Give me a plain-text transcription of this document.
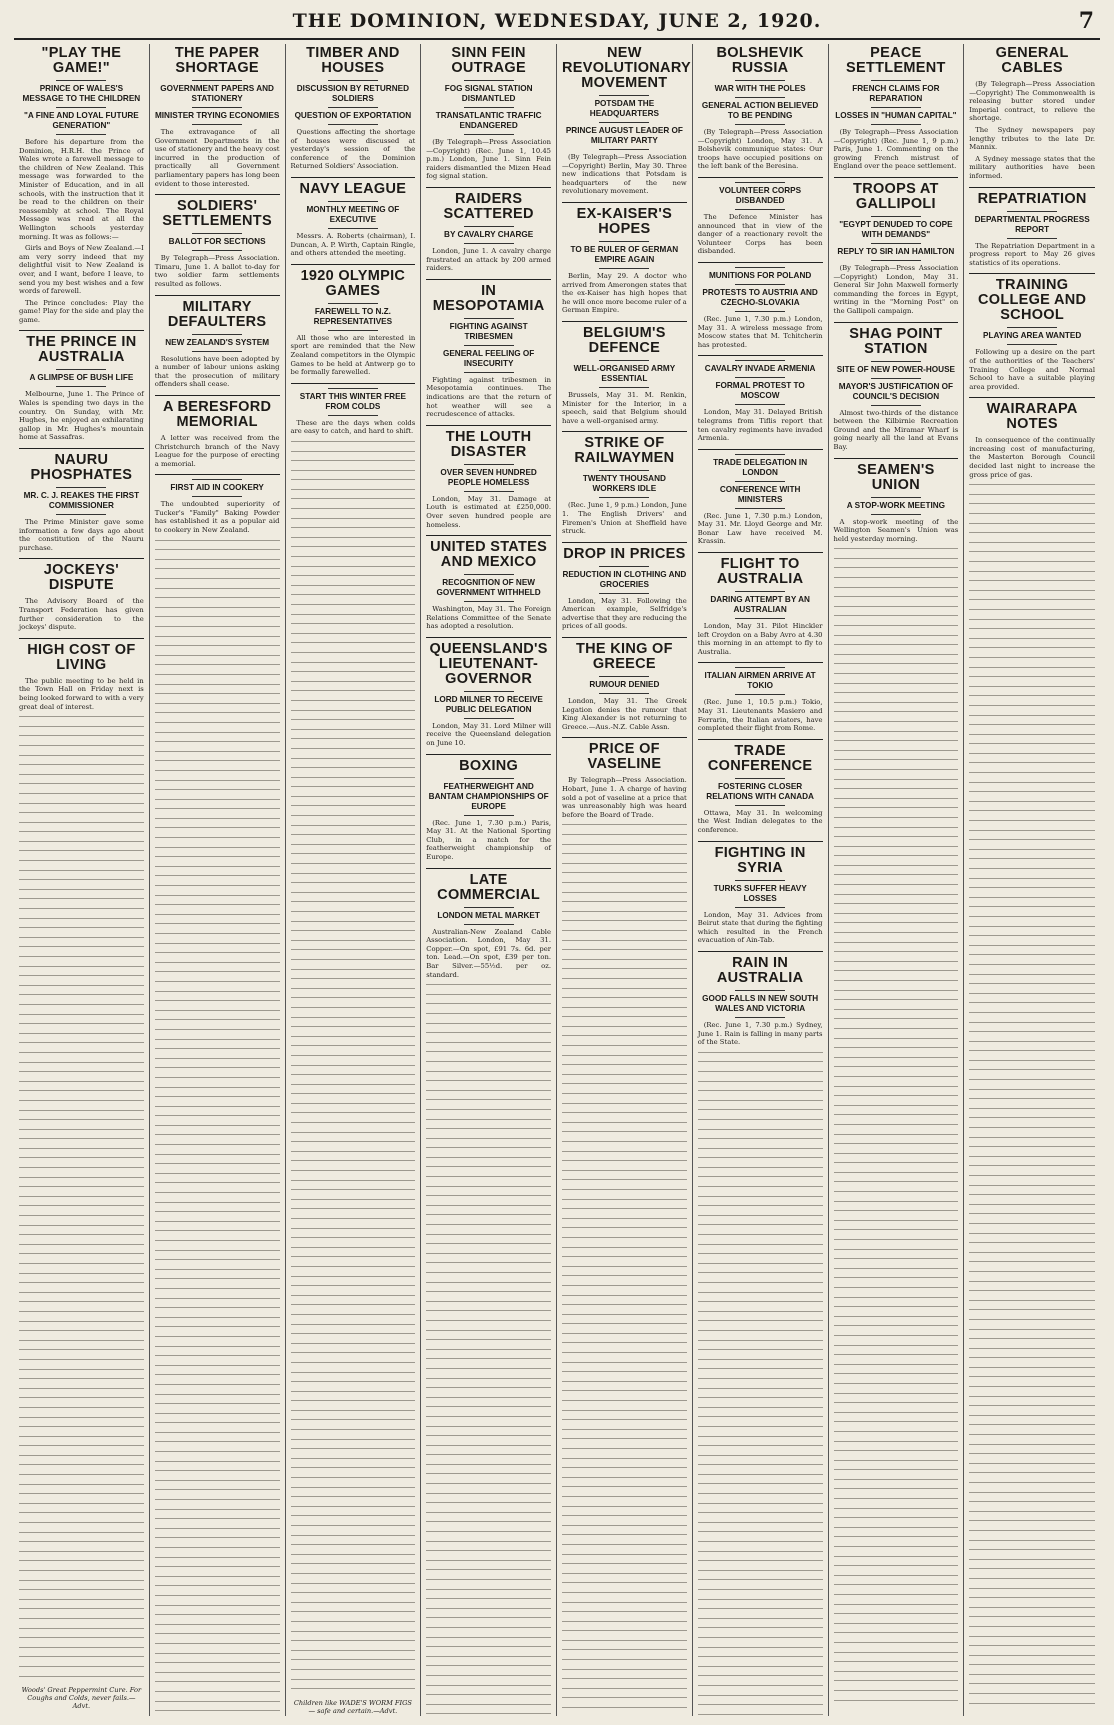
THE DOMINION, WEDNESDAY, JUNE 2, 1920.	7
"PLAY THE GAME!"
PRINCE OF WALES'S MESSAGE TO THE CHILDREN
"A FINE AND LOYAL FUTURE GENERATION"

Before his departure from the Dominion, H.R.H. the Prince of Wales wrote a farewell message to the children of New Zealand. This message was forwarded to the Minister of Education, and in all schools, with the instruction that it be read to the children on their reassembly at school. The Royal Message was read at all the Wellington schools yesterday morning. It was as follows:—

Girls and Boys of New Zealand.—I am very sorry indeed that my delightful visit to New Zealand is over, and I want, before I leave, to send you my best wishes and a few words of farewell.

The Prince concludes: Play the game! Play for the side and play the game.

THE PRINCE IN AUSTRALIA
A GLIMPSE OF BUSH LIFE

Melbourne, June 1. The Prince of Wales is spending two days in the country. On Sunday, with Mr. Hughes, he enjoyed an exhilarating gallop in Mr. Hughes's mountain home at Sassafras.

NAURU PHOSPHATES
MR. C. J. REAKES THE FIRST COMMISSIONER

The Prime Minister gave some information a few days ago about the constitution of the Nauru purchase.

JOCKEYS' DISPUTE

The Advisory Board of the Transport Federation has given further consideration to the jockeys' dispute.

HIGH COST OF LIVING

The public meeting to be held in the Town Hall on Friday next is being looked forward to with a very great deal of interest.

Woods' Great Peppermint Cure. For Coughs and Colds, never fails.—Advt.
THE PAPER SHORTAGE
GOVERNMENT PAPERS AND STATIONERY
MINISTER TRYING ECONOMIES

The extravagance of all Government Departments in the use of stationery and the heavy cost incurred in the production of practically all Government parliamentary papers has long been evident to those interested.

SOLDIERS' SETTLEMENTS
BALLOT FOR SECTIONS

By Telegraph—Press Association. Timaru, June 1. A ballot to-day for two soldier farm settlements resulted as follows.

MILITARY DEFAULTERS
NEW ZEALAND'S SYSTEM

Resolutions have been adopted by a number of labour unions asking that the prosecution of military offenders shall cease.

A BERESFORD MEMORIAL

A letter was received from the Christchurch branch of the Navy League for the purpose of erecting a memorial.

FIRST AID IN COOKERY

The undoubted superiority of Tucker's "Family" Baking Powder has established it as a popular aid to cookery in New Zealand.

TIMBER AND HOUSES
DISCUSSION BY RETURNED SOLDIERS
QUESTION OF EXPORTATION

Questions affecting the shortage of houses were discussed at yesterday's session of the conference of the Dominion Returned Soldiers' Association.

NAVY LEAGUE
MONTHLY MEETING OF EXECUTIVE

Messrs. A. Roberts (chairman), I. Duncan, A. P. Wirth, Captain Ringle, and others attended the meeting.

1920 OLYMPIC GAMES
FAREWELL TO N.Z. REPRESENTATIVES

All those who are interested in sport are reminded that the New Zealand competitors in the Olympic Games to be held at Antwerp go to be formally farewelled.

START THIS WINTER FREE FROM COLDS

These are the days when colds are easy to catch, and hard to shift.

Children like WADE'S WORM FIGS — safe and certain.—Advt.
SINN FEIN OUTRAGE
FOG SIGNAL STATION DISMANTLED
TRANSATLANTIC TRAFFIC ENDANGERED

(By Telegraph—Press Association—Copyright) (Rec. June 1, 10.45 p.m.) London, June 1. Sinn Fein raiders dismantled the Mizen Head fog signal station.

RAIDERS SCATTERED
BY CAVALRY CHARGE

London, June 1. A cavalry charge frustrated an attack by 200 armed raiders.

IN MESOPOTAMIA
FIGHTING AGAINST TRIBESMEN
GENERAL FEELING OF INSECURITY

Fighting against tribesmen in Mesopotamia continues. The indications are that the return of hot weather will see a recrudescence of attacks.

THE LOUTH DISASTER
OVER SEVEN HUNDRED PEOPLE HOMELESS

London, May 31. Damage at Louth is estimated at £250,000. Over seven hundred people are homeless.

UNITED STATES AND MEXICO
RECOGNITION OF NEW GOVERNMENT WITHHELD

Washington, May 31. The Foreign Relations Committee of the Senate has adopted a resolution.

QUEENSLAND'S LIEUTENANT-GOVERNOR
LORD MILNER TO RECEIVE PUBLIC DELEGATION

London, May 31. Lord Milner will receive the Queensland delegation on June 10.

BOXING
FEATHERWEIGHT AND BANTAM CHAMPIONSHIPS OF EUROPE

(Rec. June 1, 7.30 p.m.) Paris, May 31. At the National Sporting Club, in a match for the featherweight championship of Europe.

LATE COMMERCIAL
LONDON METAL MARKET

Australian-New Zealand Cable Association. London, May 31. Copper.—On spot, £91 7s. 6d. per ton. Lead.—On spot, £39 per ton. Bar Silver.—55½d. per oz. standard.

NEW REVOLUTIONARY MOVEMENT
POTSDAM THE HEADQUARTERS
PRINCE AUGUST LEADER OF MILITARY PARTY

(By Telegraph—Press Association—Copyright) Berlin, May 30. Three new indications that Potsdam is headquarters of the new revolutionary movement.

EX-KAISER'S HOPES
TO BE RULER OF GERMAN EMPIRE AGAIN

Berlin, May 29. A doctor who arrived from Amerongen states that the ex-Kaiser has high hopes that he will once more become ruler of a German Empire.

BELGIUM'S DEFENCE
WELL-ORGANISED ARMY ESSENTIAL

Brussels, May 31. M. Renkin, Minister for the Interior, in a speech, said that Belgium should have a well-organised army.

STRIKE OF RAILWAYMEN
TWENTY THOUSAND WORKERS IDLE

(Rec. June 1, 9 p.m.) London, June 1. The English Drivers' and Firemen's Union at Sheffield have struck.

DROP IN PRICES
REDUCTION IN CLOTHING AND GROCERIES

London, May 31. Following the American example, Selfridge's advertise that they are reducing the prices of all goods.

THE KING OF GREECE
RUMOUR DENIED

London, May 31. The Greek Legation denies the rumour that King Alexander is not returning to Greece.—Aus.-N.Z. Cable Assn.

PRICE OF VASELINE

By Telegraph—Press Association. Hobart, June 1. A charge of having sold a pot of vaseline at a price that was unreasonably high was heard before the Board of Trade.

BOLSHEVIK RUSSIA
WAR WITH THE POLES
GENERAL ACTION BELIEVED TO BE PENDING

(By Telegraph—Press Association—Copyright) London, May 31. A Bolshevik communique states: Our troops have occupied positions on the left bank of the Beresina.

VOLUNTEER CORPS DISBANDED

The Defence Minister has announced that in view of the danger of a reactionary revolt the Volunteer Corps has been disbanded.

MUNITIONS FOR POLAND
PROTESTS TO AUSTRIA AND CZECHO-SLOVAKIA

(Rec. June 1, 7.30 p.m.) London, May 31. A wireless message from Moscow states that M. Tchitcherin has protested.

CAVALRY INVADE ARMENIA
FORMAL PROTEST TO MOSCOW

London, May 31. Delayed British telegrams from Tiflis report that ten cavalry regiments have invaded Armenia.

TRADE DELEGATION IN LONDON
CONFERENCE WITH MINISTERS

(Rec. June 1, 7.30 p.m.) London, May 31. Mr. Lloyd George and Mr. Bonar Law have received M. Krassin.

FLIGHT TO AUSTRALIA
DARING ATTEMPT BY AN AUSTRALIAN

London, May 31. Pilot Hinckler left Croydon on a Baby Avro at 4.30 this morning in an attempt to fly to Australia.

ITALIAN AIRMEN ARRIVE AT TOKIO

(Rec. June 1, 10.5 p.m.) Tokio, May 31. Lieutenants Masiero and Ferrarin, the Italian aviators, have completed their flight from Rome.

TRADE CONFERENCE
FOSTERING CLOSER RELATIONS WITH CANADA

Ottawa, May 31. In welcoming the West Indian delegates to the conference.

FIGHTING IN SYRIA
TURKS SUFFER HEAVY LOSSES

London, May 31. Advices from Beirut state that during the fighting which resulted in the French evacuation of Ain-Tab.

RAIN IN AUSTRALIA
GOOD FALLS IN NEW SOUTH WALES AND VICTORIA

(Rec. June 1, 7.30 p.m.) Sydney, June 1. Rain is falling in many parts of the State.

PEACE SETTLEMENT
FRENCH CLAIMS FOR REPARATION
LOSSES IN "HUMAN CAPITAL"

(By Telegraph—Press Association—Copyright) (Rec. June 1, 9 p.m.) Paris, June 1. Commenting on the growing French mistrust of England over the peace settlement.

TROOPS AT GALLIPOLI
"EGYPT DENUDED TO COPE WITH DEMANDS"
REPLY TO SIR IAN HAMILTON

(By Telegraph—Press Association—Copyright) London, May 31. General Sir John Maxwell formerly commanding the forces in Egypt, writing in the "Morning Post" on the Gallipoli campaign.

SHAG POINT STATION
SITE OF NEW POWER-HOUSE
MAYOR'S JUSTIFICATION OF COUNCIL'S DECISION

Almost two-thirds of the distance between the Kilbirnie Recreation Ground and the Miramar Wharf is going nearly all the land at Evans Bay.

SEAMEN'S UNION
A STOP-WORK MEETING

A stop-work meeting of the Wellington Seamen's Union was held yesterday morning.

GENERAL CABLES

(By Telegraph—Press Association—Copyright) The Commonwealth is releasing butter stored under Imperial contract, to relieve the shortage.

The Sydney newspapers pay lengthy tributes to the late Dr. Mannix.

A Sydney message states that the military authorities have been informed.

REPATRIATION
DEPARTMENTAL PROGRESS REPORT

The Repatriation Department in a progress report to May 26 gives statistics of its operations.

TRAINING COLLEGE AND SCHOOL
PLAYING AREA WANTED

Following up a desire on the part of the authorities of the Teachers' Training College and Normal School to have a suitable playing area provided.

WAIRARAPA NOTES

In consequence of the continually increasing cost of manufacturing, the Masterton Borough Council decided last night to increase the gross price of gas.
